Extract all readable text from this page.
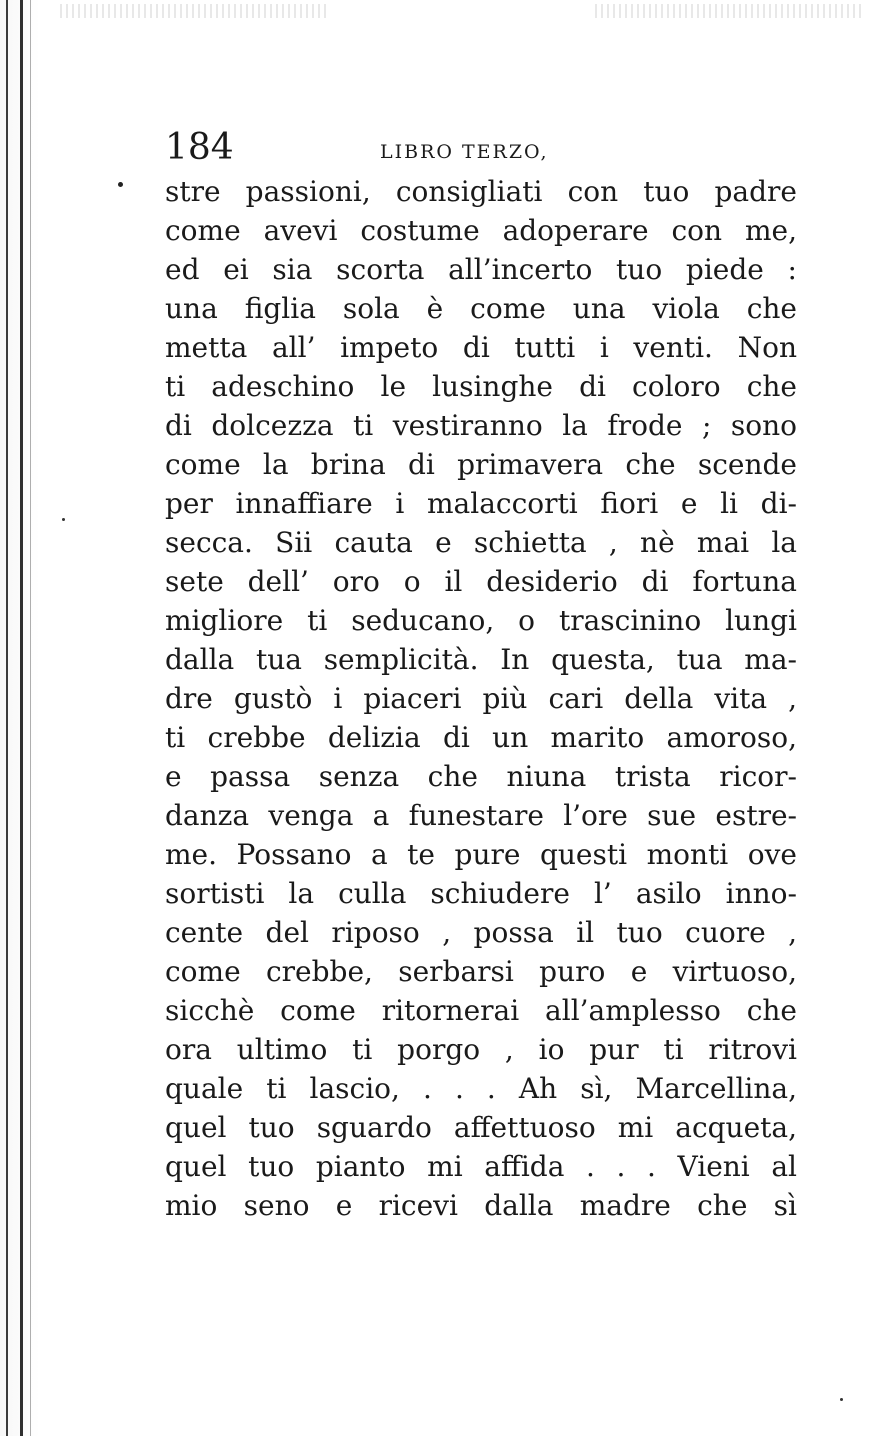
184	LIBRO TERZO,
stre passioni, consigliati con tuo padre
come avevi costume adoperare con me,
ed ei sia scorta all’incerto tuo piede :
una figlia sola è come una viola che
metta all’ impeto di tutti i venti. Non
ti adeschino le lusinghe di coloro che
di dolcezza ti vestiranno la frode ; sono
come la brina di primavera che scende
per innaffiare i malaccorti fiori e li di-
secca. Sii cauta e schietta , nè mai la
sete dell’ oro o il desiderio di fortuna
migliore ti seducano, o trascinino lungi
dalla tua semplicità. In questa, tua ma-
dre gustò i piaceri più cari della vita ,
ti crebbe delizia di un marito amoroso,
e passa senza che niuna trista ricor-
danza venga a funestare l’ore sue estre-
me. Possano a te pure questi monti ove
sortisti la culla schiudere l’ asilo inno-
cente del riposo , possa il tuo cuore ,
come crebbe, serbarsi puro e virtuoso,
sicchè come ritornerai all’amplesso che
ora ultimo ti porgo , io pur ti ritrovi
quale ti lascio, . . . Ah sì, Marcellina,
quel tuo sguardo affettuoso mi acqueta,
quel tuo pianto mi affida . . . Vieni al
mio seno e ricevi dalla madre che sì
